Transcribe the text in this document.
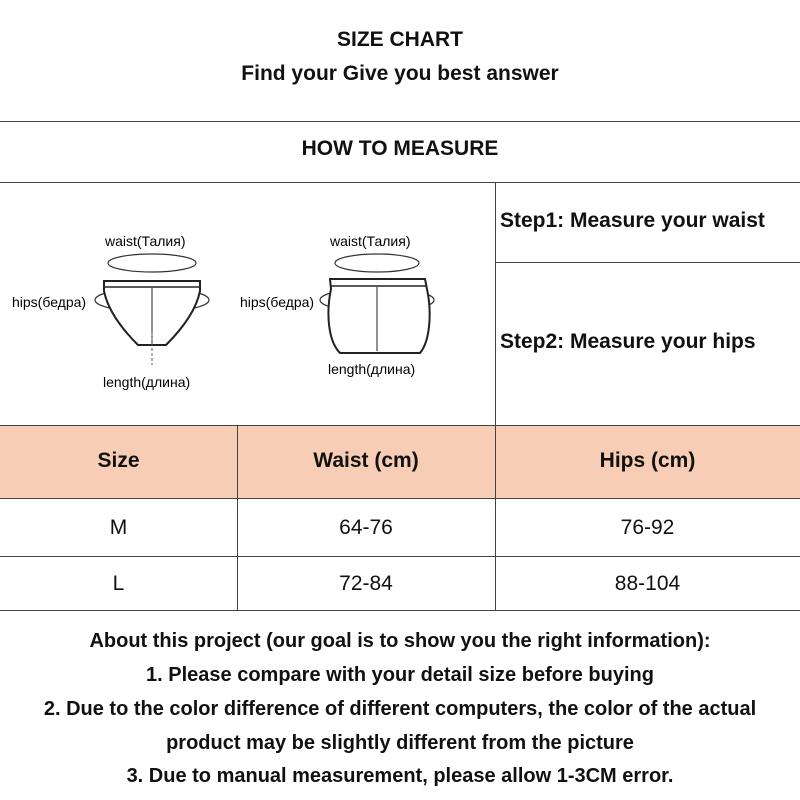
SIZE CHART
Find your Give you best answer
HOW TO MEASURE
waist(Талия)
hips(бедра)
length(длина)
waist(Талия)
hips(бедра)
length(длина)
Step1: Measure your waist
Step2: Measure your hips
Size	Waist (cm)	Hips (cm)
M	64-76	76-92
L	72-84	88-104
About this project (our goal is to show you the right information):
1. Please compare with your detail size before buying
2. Due to the color difference of different computers, the color of the actual
product may be slightly different from the picture
3. Due to manual measurement, please allow 1-3CM error.
